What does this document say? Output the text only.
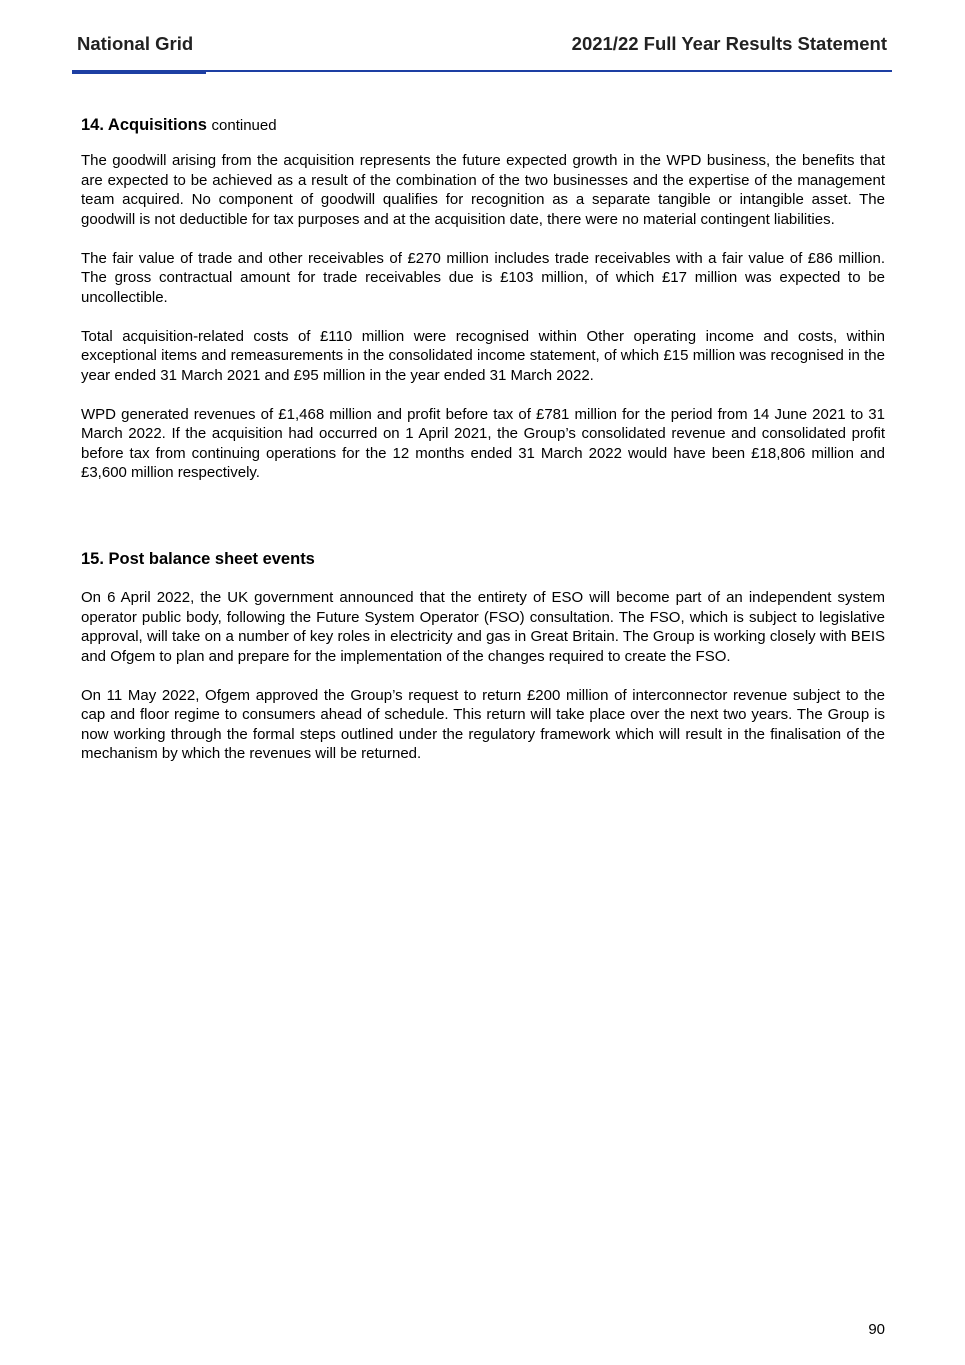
National Grid	2021/22 Full Year Results Statement
14. Acquisitions continued

The goodwill arising from the acquisition represents the future expected growth in the WPD business, the benefits that are expected to be achieved as a result of the combination of the two businesses and the expertise of the management team acquired. No component of goodwill qualifies for recognition as a separate tangible or intangible asset. The goodwill is not deductible for tax purposes and at the acquisition date, there were no material contingent liabilities.

The fair value of trade and other receivables of £270 million includes trade receivables with a fair value of £86 million. The gross contractual amount for trade receivables due is £103 million, of which £17 million was expected to be uncollectible.

Total acquisition-related costs of £110 million were recognised within Other operating income and costs, within exceptional items and remeasurements in the consolidated income statement, of which £15 million was recognised in the year ended 31 March 2021 and £95 million in the year ended 31 March 2022.

WPD generated revenues of £1,468 million and profit before tax of £781 million for the period from 14 June 2021 to 31 March 2022. If the acquisition had occurred on 1 April 2021, the Group’s consolidated revenue and consolidated profit before tax from continuing operations for the 12 months ended 31 March 2022 would have been £18,806 million and £3,600 million respectively.

15. Post balance sheet events

On 6 April 2022, the UK government announced that the entirety of ESO will become part of an independent system operator public body, following the Future System Operator (FSO) consultation. The FSO, which is subject to legislative approval, will take on a number of key roles in electricity and gas in Great Britain. The Group is working closely with BEIS and Ofgem to plan and prepare for the implementation of the changes required to create the FSO.

On 11 May 2022, Ofgem approved the Group’s request to return £200 million of interconnector revenue subject to the cap and floor regime to consumers ahead of schedule. This return will take place over the next two years. The Group is now working through the formal steps outlined under the regulatory framework which will result in the finalisation of the mechanism by which the revenues will be returned.

90
